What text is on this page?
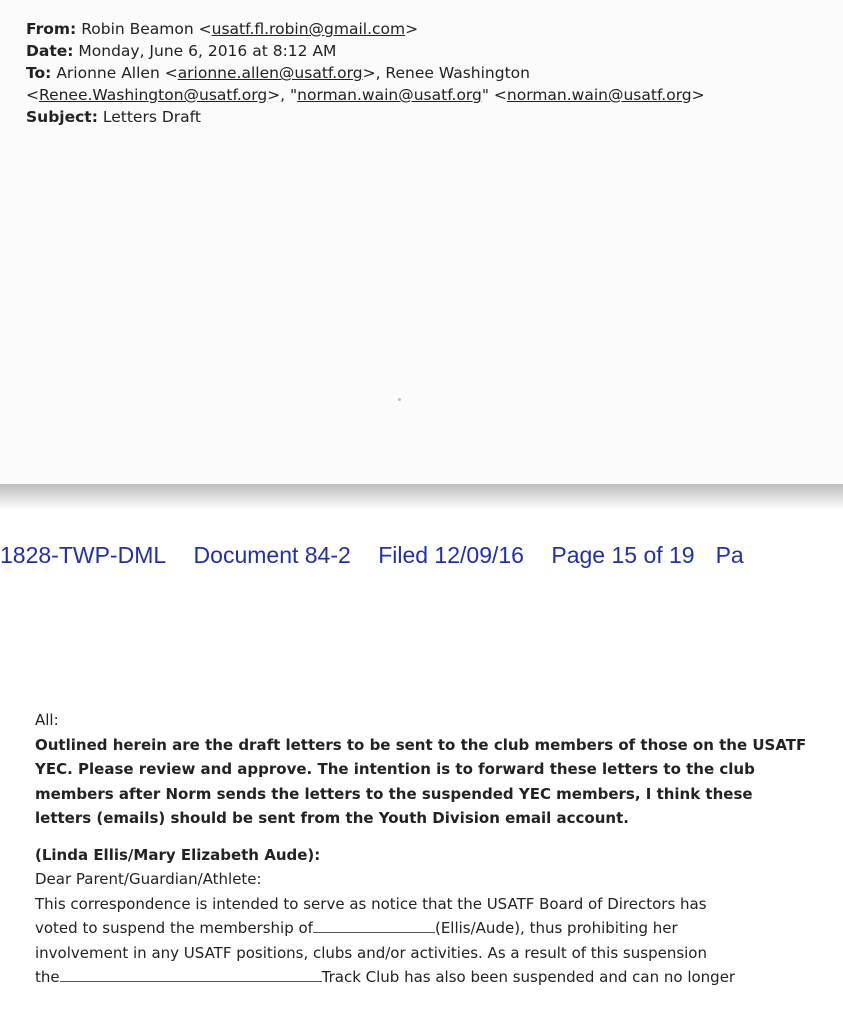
From: Robin Beamon <usatf.fl.robin@gmail.com>
Date: Monday, June 6, 2016 at 8:12 AM
To: Arionne Allen <arionne.allen@usatf.org>, Renee Washington
<Renee.Washington@usatf.org>, "norman.wain@usatf.org" <norman.wain@usatf.org>
Subject: Letters Draft
1828-TWP-DML Document 84-2 Filed 12/09/16 Page 15 of 19 Pa

All:

Outlined herein are the draft letters to be sent to the club members of those on the USATF

YEC. Please review and approve. The intention is to forward these letters to the club

members after Norm sends the letters to the suspended YEC members, I think these

letters (emails) should be sent from the Youth Division email account.

(Linda Ellis/Mary Elizabeth Aude):

Dear Parent/Guardian/Athlete:

This correspondence is intended to serve as notice that the USATF Board of Directors has

voted to suspend the membership of	(Ellis/Aude), thus prohibiting her

involvement in any USATF positions, clubs and/or activities. As a result of this suspension

the	Track Club has also been suspended and can no longer
